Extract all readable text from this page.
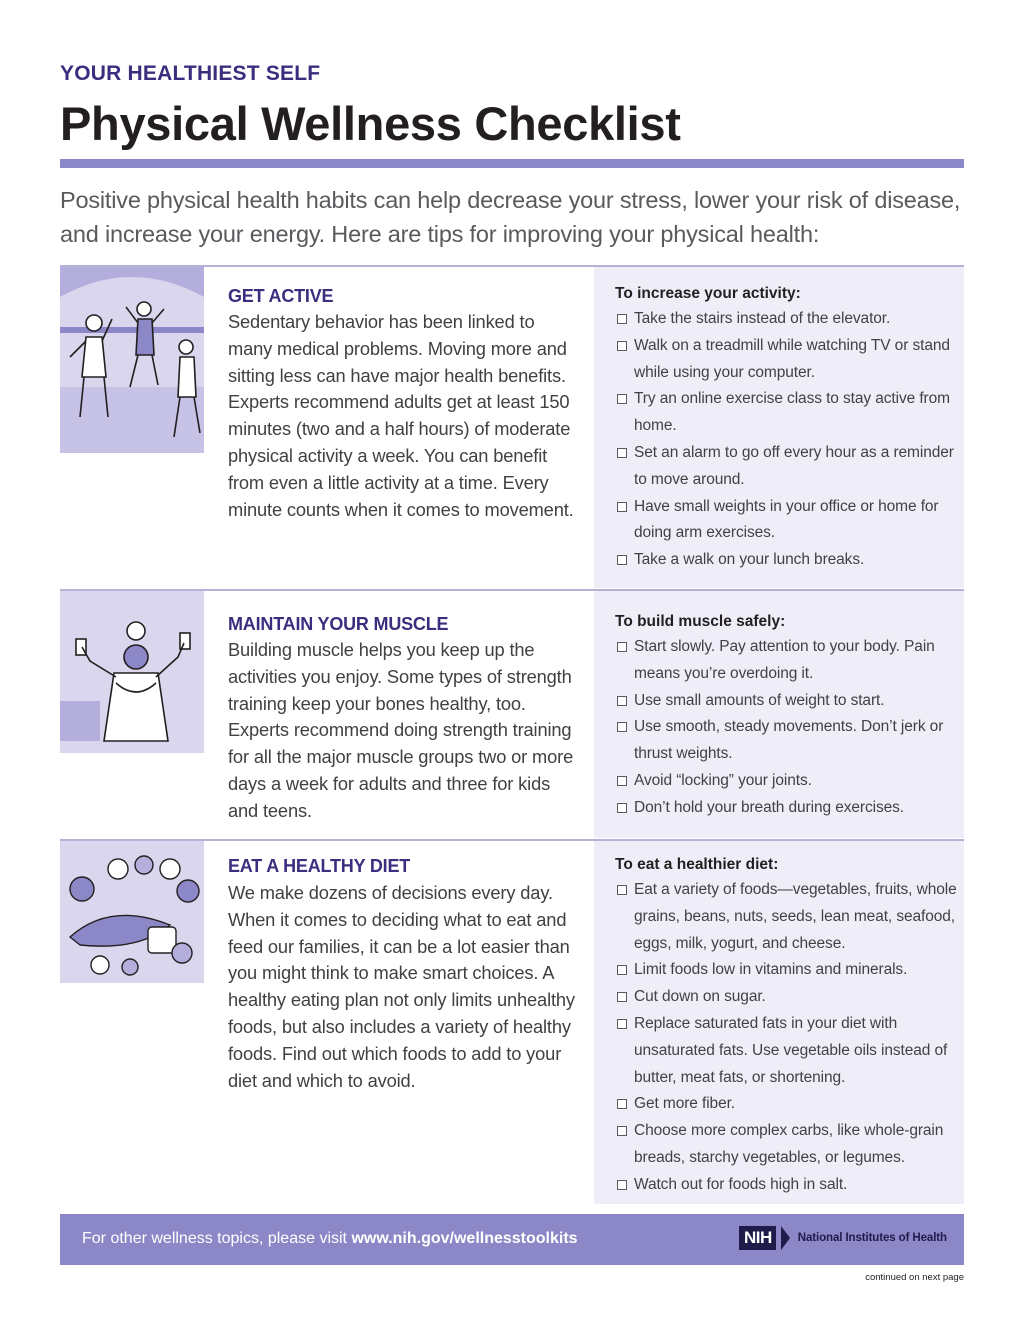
YOUR HEALTHIEST SELF
Physical Wellness Checklist
Positive physical health habits can help decrease your stress, lower your risk of disease, and increase your energy. Here are tips for improving your physical health:
GET ACTIVE
Sedentary behavior has been linked to many medical problems. Moving more and sitting less can have major health benefits. Experts recommend adults get at least 150 minutes (two and a half hours) of moderate physical activity a week. You can benefit from even a little activity at a time. Every minute counts when it comes to movement.
To increase your activity:
Take the stairs instead of the elevator.
Walk on a treadmill while watching TV or stand while using your computer.
Try an online exercise class to stay active from home.
Set an alarm to go off every hour as a reminder to move around.
Have small weights in your office or home for doing arm exercises.
Take a walk on your lunch breaks.
MAINTAIN YOUR MUSCLE
Building muscle helps you keep up the activities you enjoy. Some types of strength training keep your bones healthy, too. Experts recommend doing strength training for all the major muscle groups two or more days a week for adults and three for kids and teens.
To build muscle safely:
Start slowly. Pay attention to your body. Pain means you’re overdoing it.
Use small amounts of weight to start.
Use smooth, steady movements. Don’t jerk or thrust weights.
Avoid “locking” your joints.
Don’t hold your breath during exercises.
EAT A HEALTHY DIET
We make dozens of decisions every day. When it comes to deciding what to eat and feed our families, it can be a lot easier than you might think to make smart choices. A healthy eating plan not only limits unhealthy foods, but also includes a variety of healthy foods. Find out which foods to add to your diet and which to avoid.
To eat a healthier diet:
Eat a variety of foods—vegetables, fruits, whole grains, beans, nuts, seeds, lean meat, seafood, eggs, milk, yogurt, and cheese.
Limit foods low in vitamins and minerals.
Cut down on sugar.
Replace saturated fats in your diet with unsaturated fats. Use vegetable oils instead of butter, meat fats, or shortening.
Get more fiber.
Choose more complex carbs, like whole-grain breads, starchy vegetables, or legumes.
Watch out for foods high in salt.
For other wellness topics, please visit www.nih.gov/wellnesstoolkits	NIH National Institutes of Health
continued on next page
